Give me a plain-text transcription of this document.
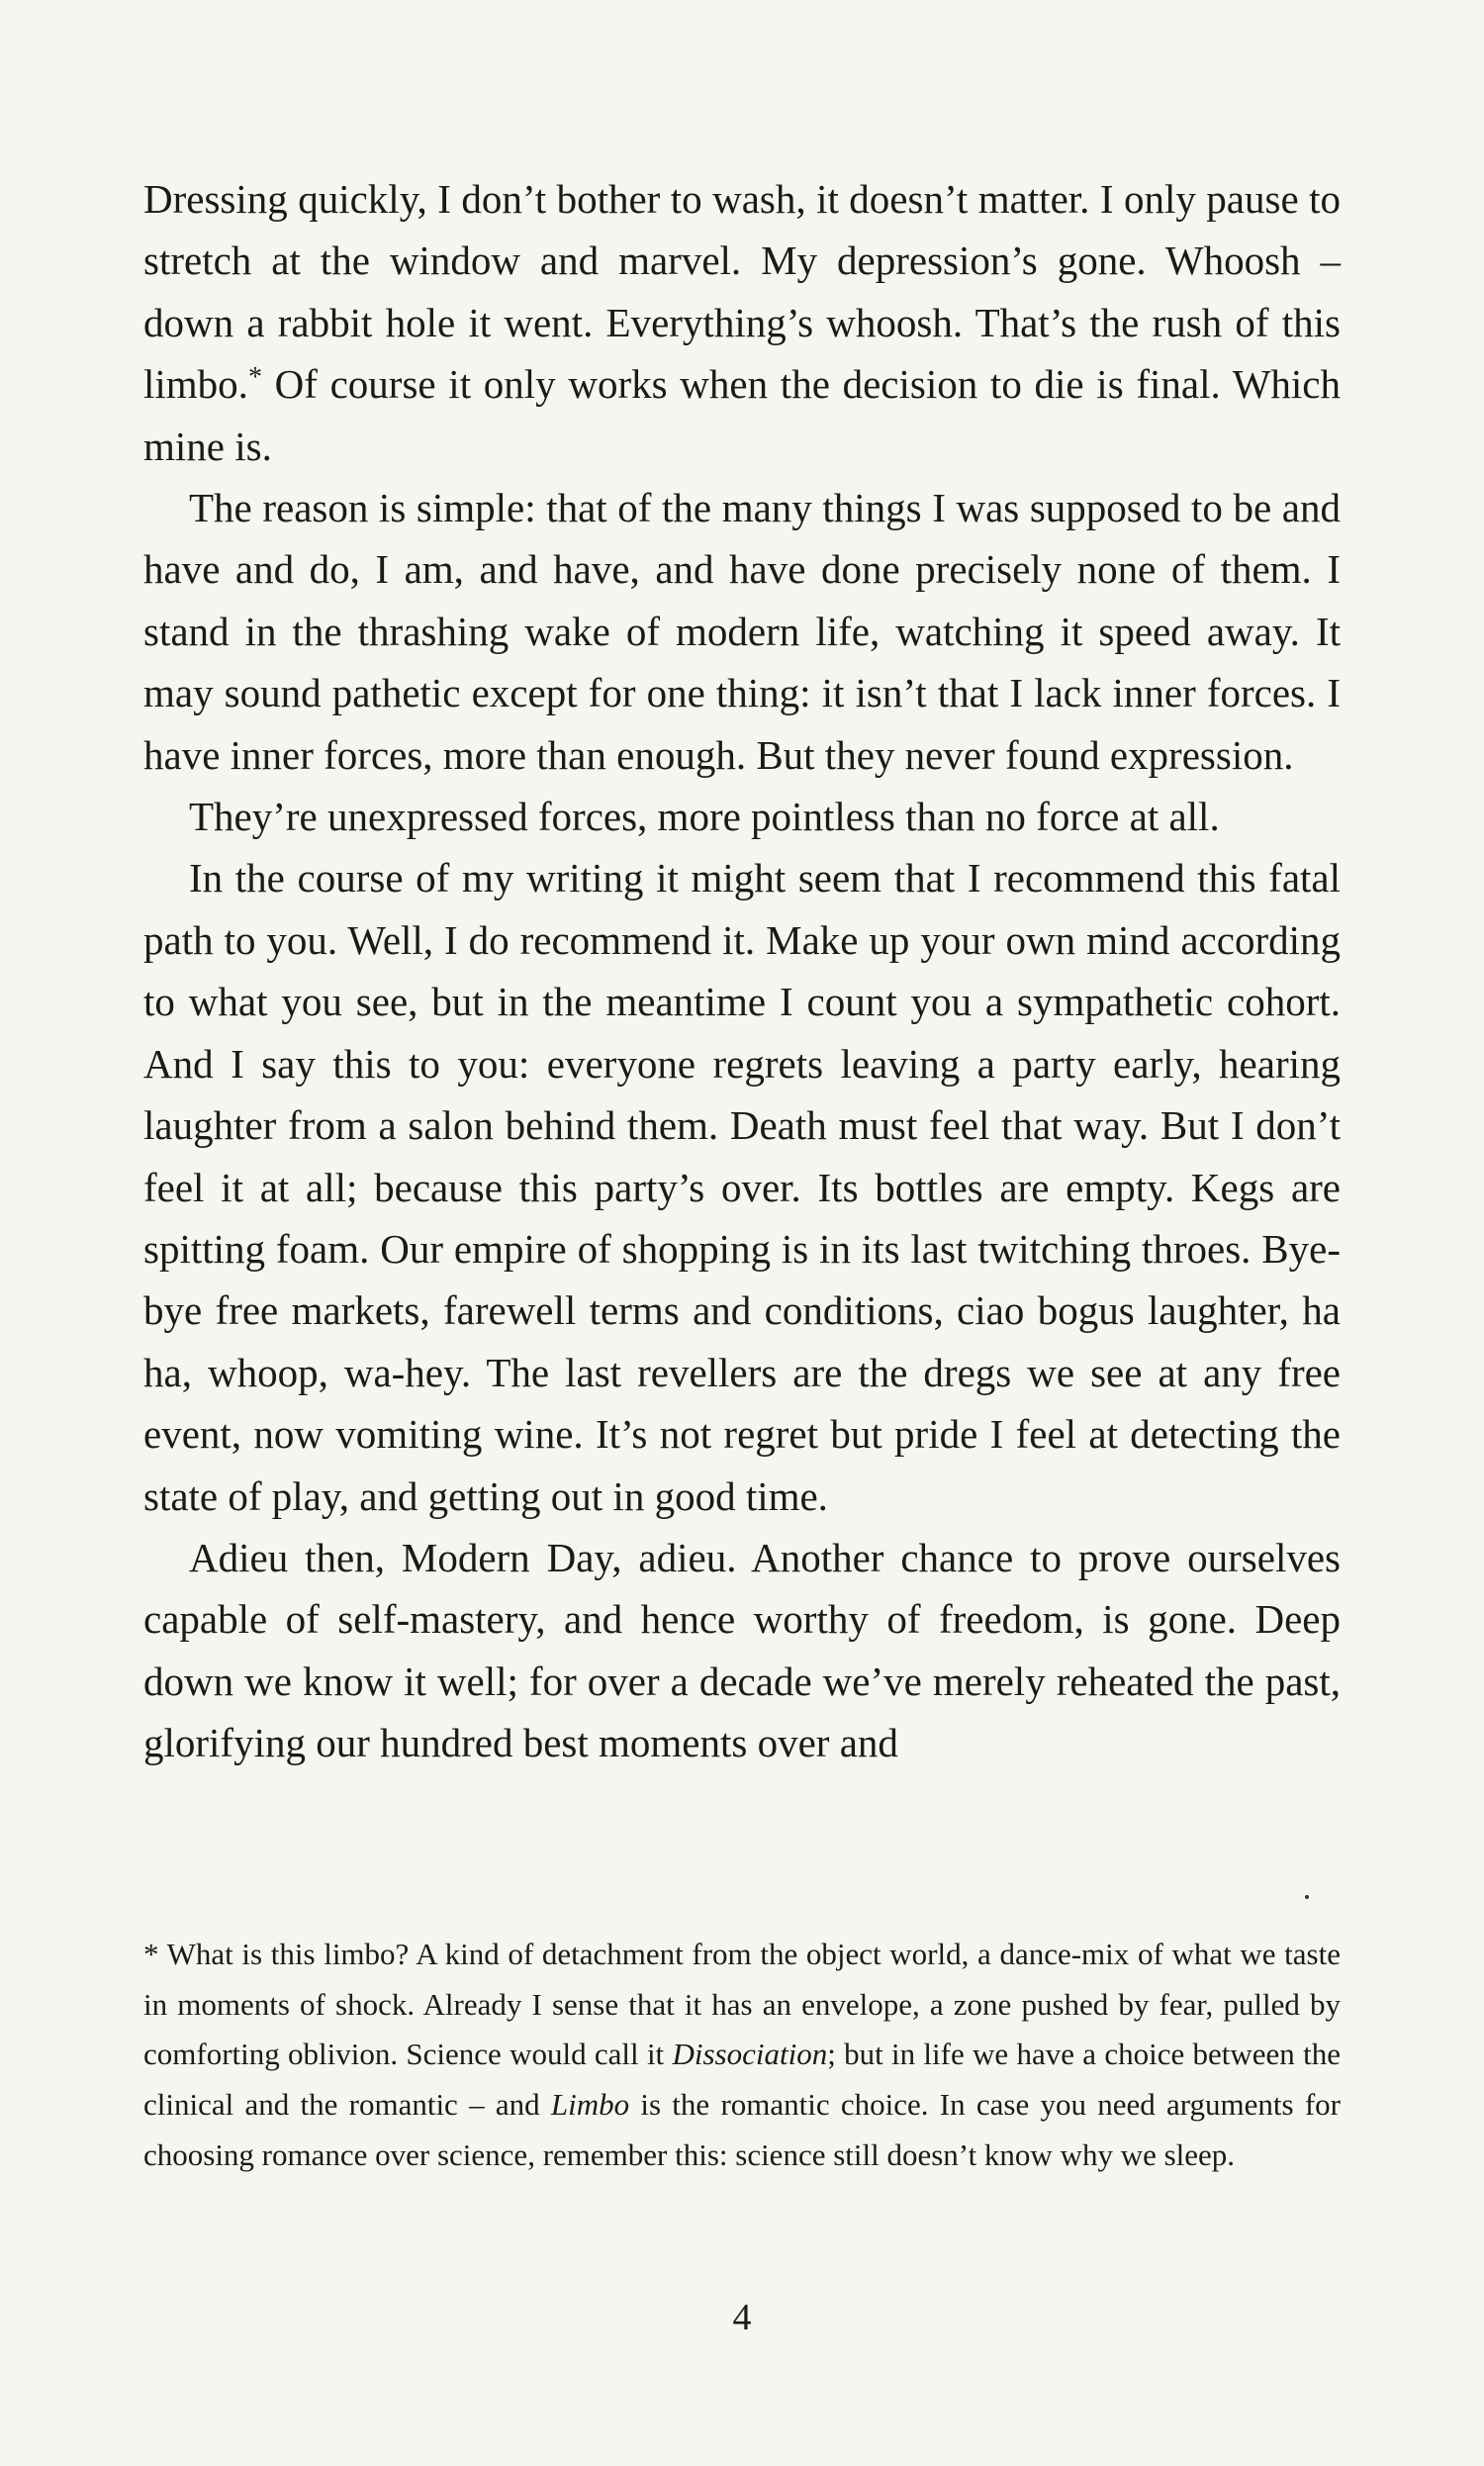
Dressing quickly, I don’t bother to wash, it doesn’t matter. I only pause to stretch at the window and marvel. My depression’s gone. Whoosh – down a rabbit hole it went. Everything’s whoosh. That’s the rush of this limbo.* Of course it only works when the decision to die is final. Which mine is.

The reason is simple: that of the many things I was supposed to be and have and do, I am, and have, and have done precisely none of them. I stand in the thrashing wake of modern life, watching it speed away. It may sound pathetic except for one thing: it isn’t that I lack inner forces. I have inner forces, more than enough. But they never found expression.

They’re unexpressed forces, more pointless than no force at all.

In the course of my writing it might seem that I recommend this fatal path to you. Well, I do recommend it. Make up your own mind according to what you see, but in the meantime I count you a sympathetic cohort. And I say this to you: everyone regrets leaving a party early, hearing laughter from a salon behind them. Death must feel that way. But I don’t feel it at all; because this party’s over. Its bottles are empty. Kegs are spitting foam. Our empire of shopping is in its last twitching throes. Bye-bye free markets, farewell terms and conditions, ciao bogus laughter, ha ha, whoop, wa-hey. The last revellers are the dregs we see at any free event, now vomiting wine. It’s not regret but pride I feel at detecting the state of play, and getting out in good time.

Adieu then, Modern Day, adieu. Another chance to prove ourselves capable of self-mastery, and hence worthy of freedom, is gone. Deep down we know it well; for over a decade we’ve merely reheated the past, glorifying our hundred best moments over and

* What is this limbo? A kind of detachment from the object world, a dance-mix of what we taste in moments of shock. Already I sense that it has an envelope, a zone pushed by fear, pulled by comforting oblivion. Science would call it Dissociation; but in life we have a choice between the clinical and the romantic – and Limbo is the romantic choice. In case you need arguments for choosing romance over science, remember this: science still doesn’t know why we sleep.

4
